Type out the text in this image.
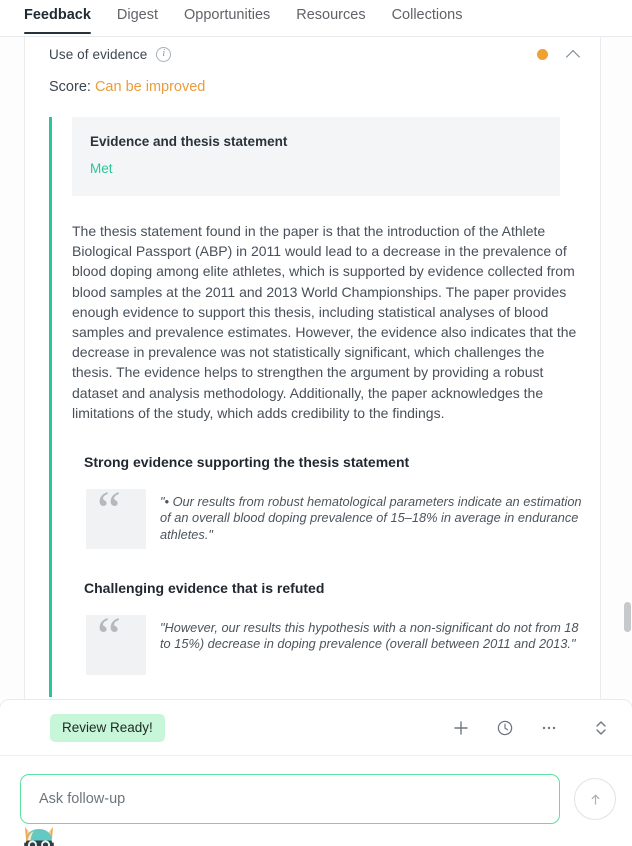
Feedback Digest Opportunities Resources Collections
Use of evidence	i
Score: Can be improved
Evidence and thesis statement
Met

The thesis statement found in the paper is that the introduction of the Athlete Biological Passport (ABP) in 2011 would lead to a decrease in the prevalence of blood doping among elite athletes, which is supported by evidence collected from blood samples at the 2011 and 2013 World Championships. The paper provides enough evidence to support this thesis, including statistical analyses of blood samples and prevalence estimates. However, the evidence also indicates that the decrease in prevalence was not statistically significant, which challenges the thesis. The evidence helps to strengthen the argument by providing a robust dataset and analysis methodology. Additionally, the paper acknowledges the limitations of the study, which adds credibility to the findings.

Strong evidence supporting the thesis statement
“	"• Our results from robust hematological parameters indicate an estimation of an overall blood doping prevalence of 15–18% in average in endurance athletes."
Challenging evidence that is refuted
“	"However, our results this hypothesis with a non-significant do not from 18 to 15%) decrease in doping prevalence (overall between 2011 and 2013."
Review Ready!
Ask follow-up
